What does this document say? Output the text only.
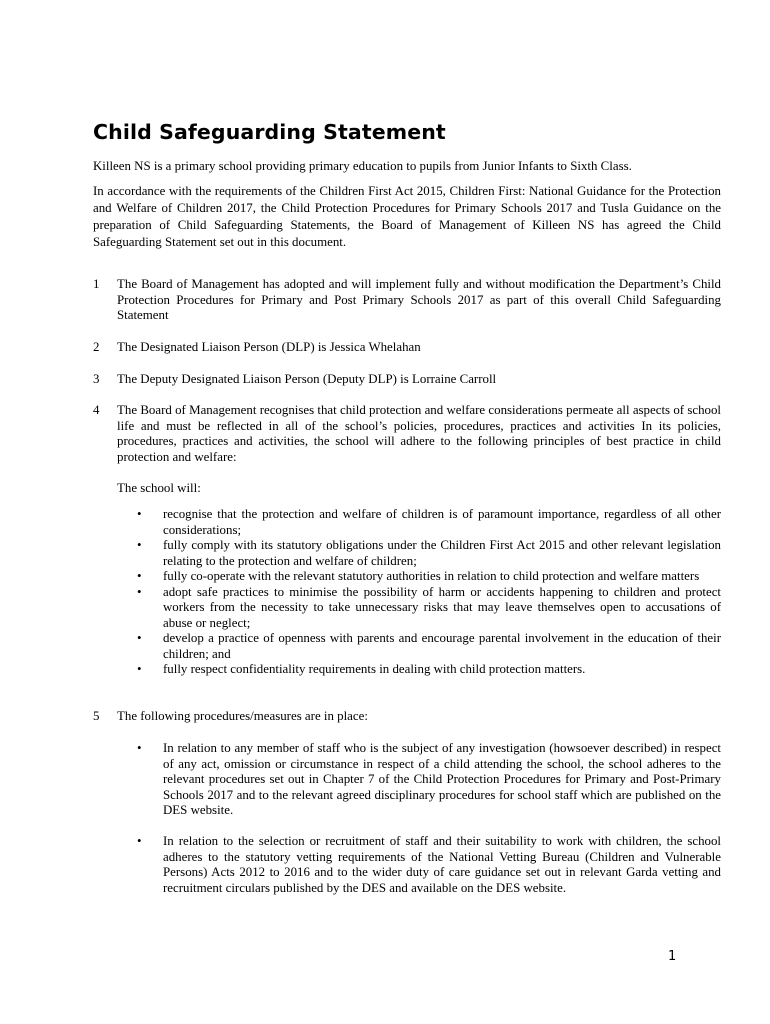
Child Safeguarding Statement

Killeen NS is a primary school providing primary education to pupils from Junior Infants to Sixth Class.

In accordance with the requirements of the Children First Act 2015, Children First: National Guidance for the Protection and Welfare of Children 2017, the Child Protection Procedures for Primary Schools 2017 and Tusla Guidance on the preparation of Child Safeguarding Statements, the Board of Management of Killeen NS has agreed the Child Safeguarding Statement set out in this document.

1 The Board of Management has adopted and will implement fully and without modification the Department’s Child Protection Procedures for Primary and Post Primary Schools 2017 as part of this overall Child Safeguarding Statement
2 The Designated Liaison Person (DLP) is Jessica Whelahan
3 The Deputy Designated Liaison Person (Deputy DLP) is Lorraine Carroll
4 The Board of Management recognises that child protection and welfare considerations permeate all aspects of school life and must be reflected in all of the school’s policies, procedures, practices and activities In its policies, procedures, practices and activities, the school will adhere to the following principles of best practice in child protection and welfare:
The school will:
• recognise that the protection and welfare of children is of paramount importance, regardless of all other considerations;
• fully comply with its statutory obligations under the Children First Act 2015 and other relevant legislation relating to the protection and welfare of children;
• fully co-operate with the relevant statutory authorities in relation to child protection and welfare matters
• adopt safe practices to minimise the possibility of harm or accidents happening to children and protect workers from the necessity to take unnecessary risks that may leave themselves open to accusations of abuse or neglect;
• develop a practice of openness with parents and encourage parental involvement in the education of their children; and
• fully respect confidentiality requirements in dealing with child protection matters.
5 The following procedures/measures are in place:
• In relation to any member of staff who is the subject of any investigation (howsoever described) in respect of any act, omission or circumstance in respect of a child attending the school, the school adheres to the relevant procedures set out in Chapter 7 of the Child Protection Procedures for Primary and Post-Primary Schools 2017 and to the relevant agreed disciplinary procedures for school staff which are published on the DES website.
• In relation to the selection or recruitment of staff and their suitability to work with children, the school adheres to the statutory vetting requirements of the National Vetting Bureau (Children and Vulnerable Persons) Acts 2012 to 2016 and to the wider duty of care guidance set out in relevant Garda vetting and recruitment circulars published by the DES and available on the DES website.
1
